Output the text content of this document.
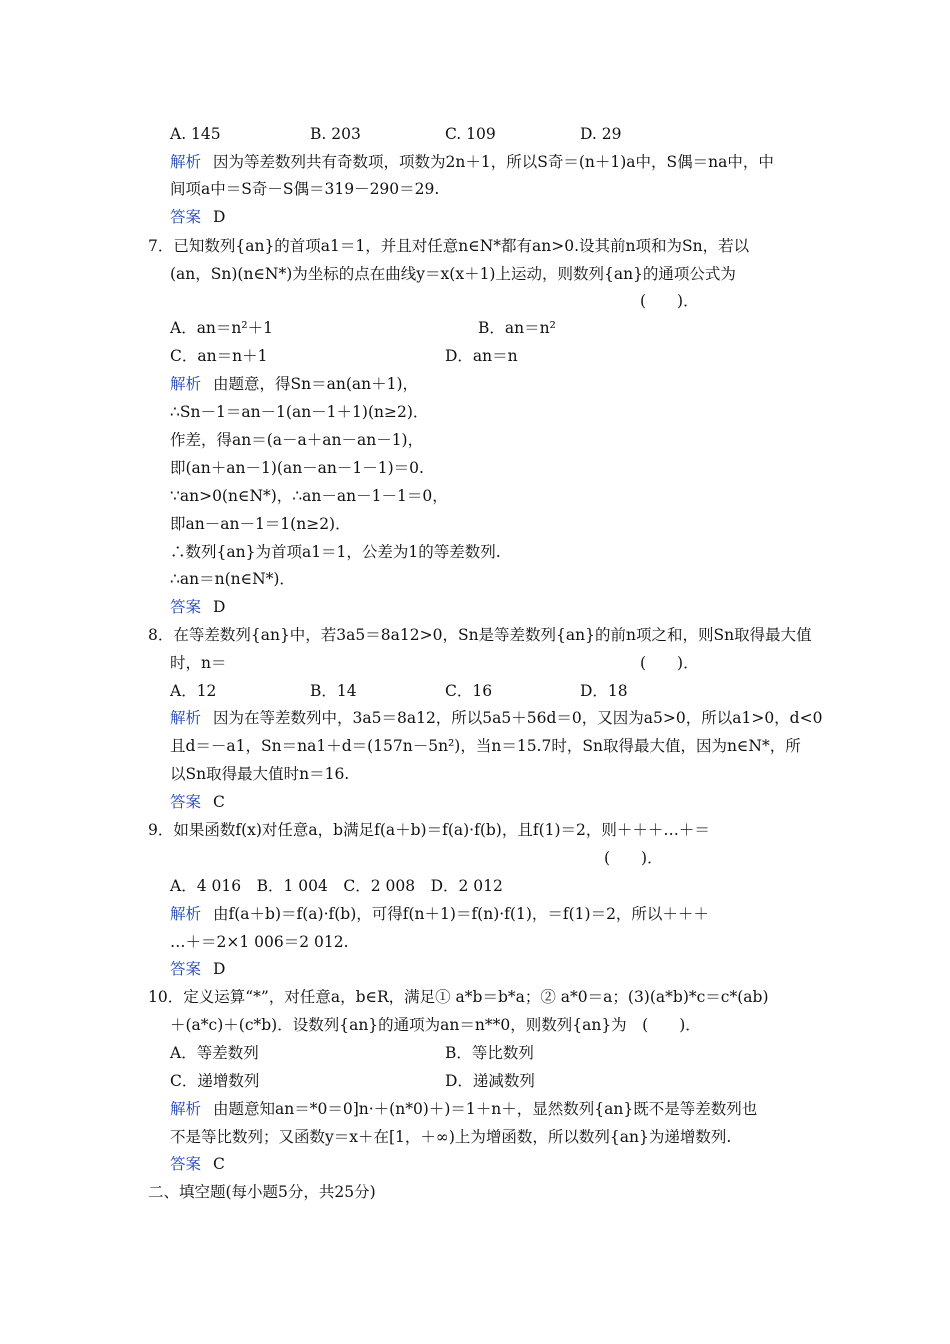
A. 145	B. 203	C. 109	D. 29
解析 因为等差数列共有奇数项，项数为2n＋1，所以S奇＝(n＋1)a中，S偶＝na中，中
间项a中＝S奇－S偶＝319－290＝29.
答案 D
7．已知数列{an}的首项a1＝1，并且对任意n∈N*都有an>0.设其前n项和为Sn，若以
(an，Sn)(n∈N*)为坐标的点在曲线y＝x(x＋1)上运动，则数列{an}的通项公式为
(　　)．
A．an＝n²＋1	B．an＝n²
C．an＝n＋1	D．an＝n
解析 由题意，得Sn＝an(an＋1)，
∴Sn－1＝an－1(an－1＋1)(n≥2)．
作差，得an＝(a－a＋an－an－1)，
即(an＋an－1)(an－an－1－1)＝0.
∵an>0(n∈N*)，∴an－an－1－1＝0，
即an－an－1＝1(n≥2)．
∴数列{an}为首项a1＝1，公差为1的等差数列.
∴an＝n(n∈N*)．
答案 D
8．在等差数列{an}中，若3a5＝8a12>0，Sn是等差数列{an}的前n项之和，则Sn取得最大值
时，n＝	(　　)．
A．12	B．14	C．16	D．18
解析 因为在等差数列中，3a5＝8a12，所以5a5＋56d＝0，又因为a5>0，所以a1>0，d<0
且d＝－a1，Sn＝na1＋d＝(157n－5n²)，当n＝15.7时，Sn取得最大值，因为n∈N*，所
以Sn取得最大值时n＝16.
答案 C
9．如果函数f(x)对任意a，b满足f(a＋b)＝f(a)·f(b)，且f(1)＝2，则＋＋＋…＋＝
(　　)．
A．4 016　B．1 004　C．2 008　D．2 012
解析 由f(a＋b)＝f(a)·f(b)，可得f(n＋1)＝f(n)·f(1)，＝f(1)＝2，所以＋＋＋
…＋＝2×1 006＝2 012.
答案 D
10．定义运算“*”，对任意a，b∈R，满足① a*b＝b*a；② a*0＝a；(3)(a*b)*c＝c*(ab)
＋(a*c)＋(c*b)．设数列{an}的通项为an＝n**0，则数列{an}为　(　　)．
A．等差数列	B．等比数列
C．递增数列	D．递减数列
解析 由题意知an＝*0＝0]n·＋(n*0)＋)＝1＋n＋，显然数列{an}既不是等差数列也
不是等比数列；又函数y＝x＋在[1，＋∞)上为增函数，所以数列{an}为递增数列.
答案 C
二、填空题(每小题5分，共25分)
